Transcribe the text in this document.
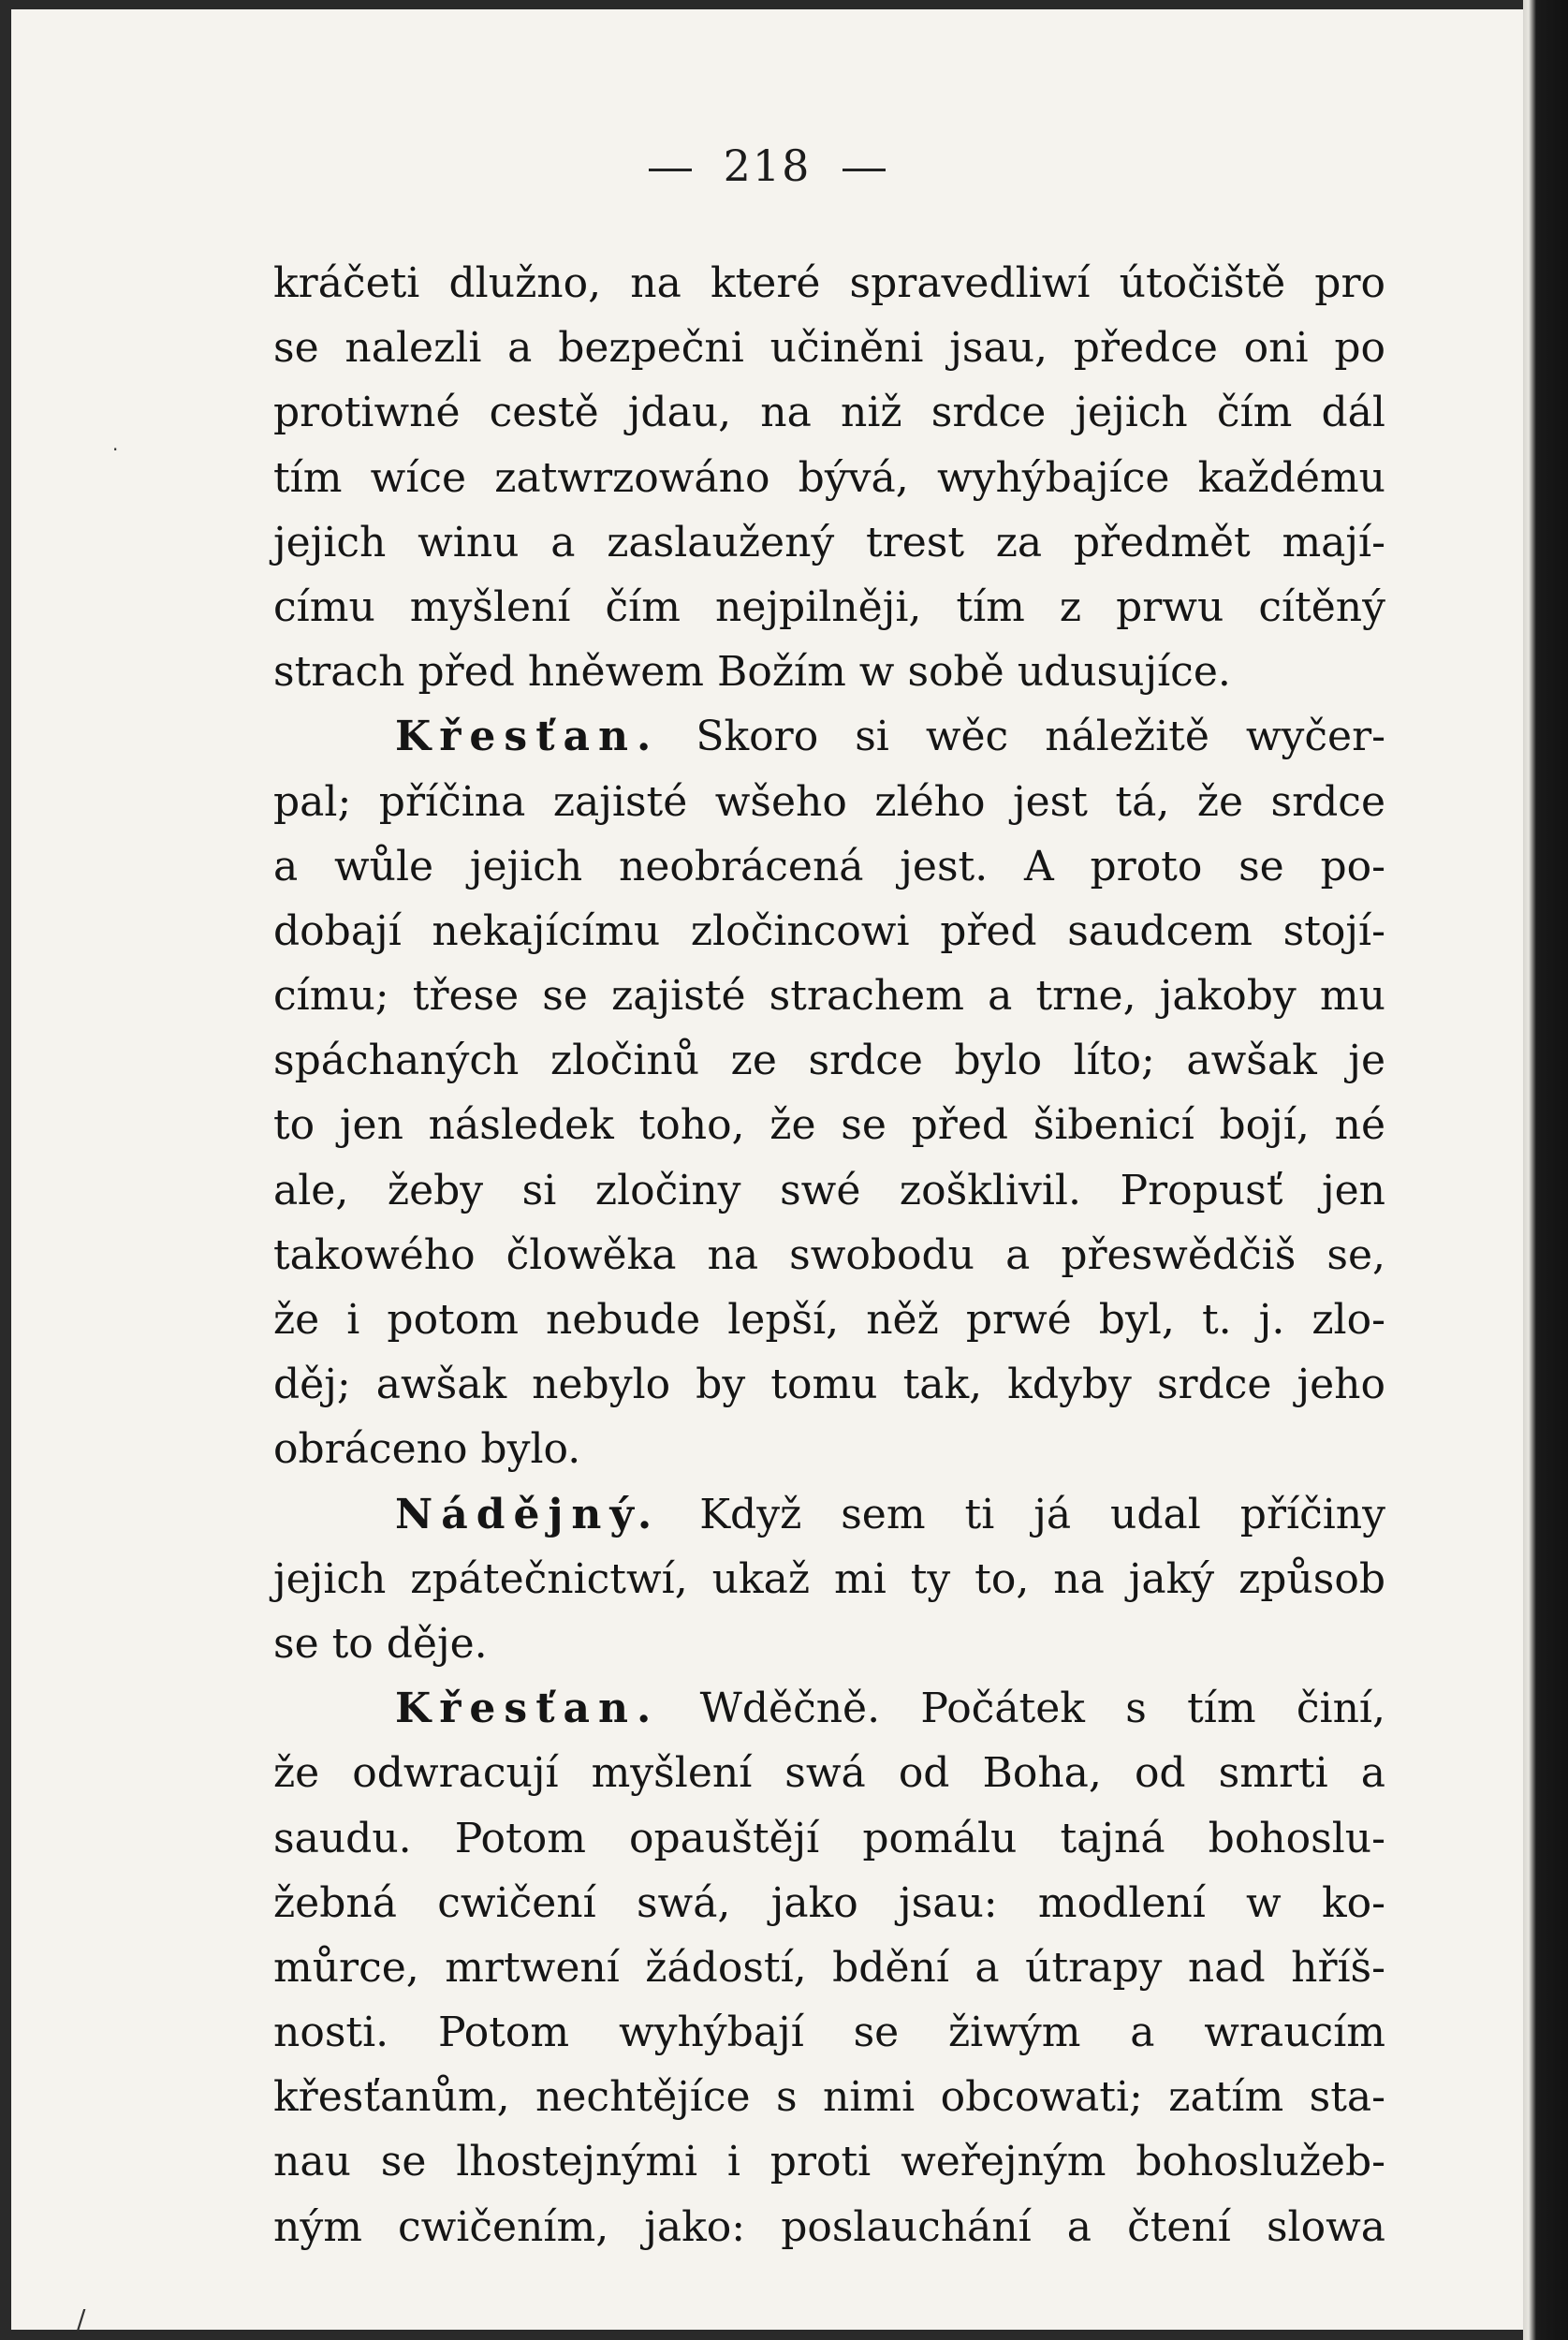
218
kráčeti dlužno, na které spravedliwí útočiště pro
se nalezli a bezpečni učiněni jsau, předce oni po
protiwné cestě jdau, na niž srdce jejich čím dál
tím wíce zatwrzowáno bývá, wyhýbajíce každému
jejich winu a zaslaužený trest za předmět mají-
címu myšlení čím nejpilněji, tím z prwu cítěný
strach před hněwem Božím w sobě udusujíce.
Křesťan. Skoro si wěc náležitě wyčer-
pal; příčina zajisté wšeho zlého jest tá, že srdce
a wůle jejich neobrácená jest. A proto se po-
dobají nekajícímu zločincowi před saudcem stojí-
címu; třese se zajisté strachem a trne, jakoby mu
spáchaných zločinů ze srdce bylo líto; awšak je
to jen následek toho, že se před šibenicí bojí, né
ale, žeby si zločiny swé zošklivil. Propusť jen
takowého člowěka na swobodu a přeswědčiš se,
že i potom nebude lepší, něž prwé byl, t. j. zlo-
děj; awšak nebylo by tomu tak, kdyby srdce jeho
obráceno bylo.
Nádějný. Když sem ti já udal příčiny
jejich zpátečnictwí, ukaž mi ty to, na jaký způsob
se to děje.
Křesťan. Wděčně. Počátek s tím činí,
že odwracují myšlení swá od Boha, od smrti a
saudu. Potom opauštějí pomálu tajná bohoslu-
žebná cwičení swá, jako jsau: modlení w ko-
můrce, mrtwení žádostí, bdění a útrapy nad hříš-
nosti. Potom wyhýbají se žiwým a wraucím
křesťanům, nechtějíce s nimi obcowati; zatím sta-
nau se lhostejnými i proti weřejným bohoslužeb-
ným cwičením, jako: poslauchání a čtení slowa
·
/
